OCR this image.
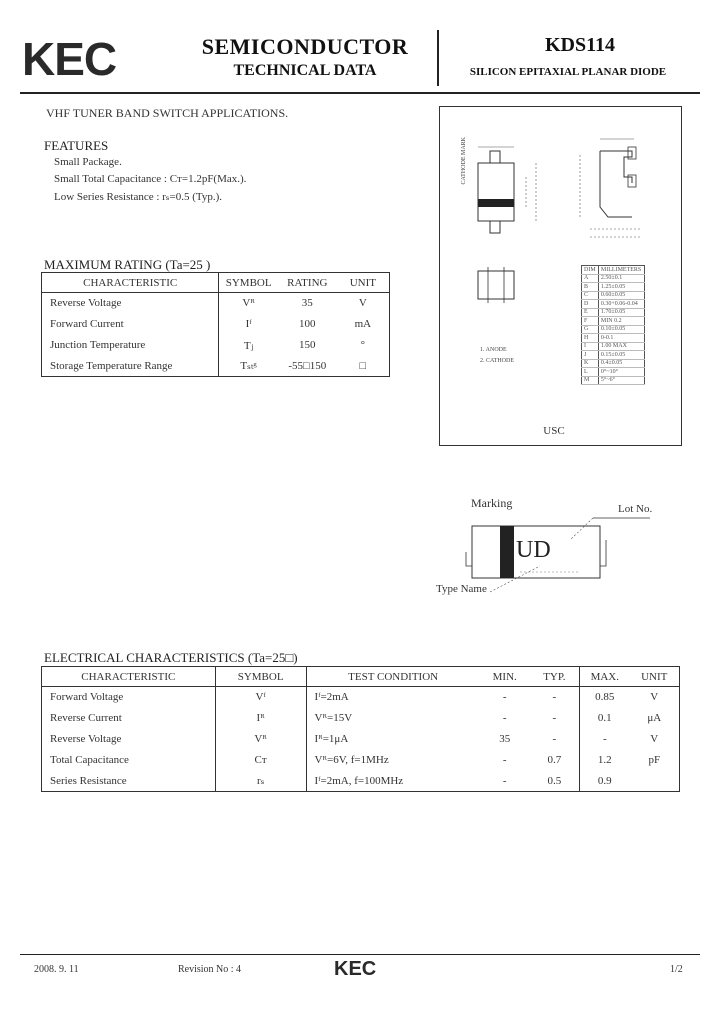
KEC	SEMICONDUCTOR
TECHNICAL DATA
KDS114
SILICON EPITAXIAL PLANAR DIODE
VHF TUNER BAND SWITCH APPLICATIONS.
FEATURES
Small Package.
Small Total Capacitance : Cᴛ=1.2pF(Max.).
Low Series Resistance : rₛ=0.5 (Typ.).
MAXIMUM RATING (Ta=25 )
CHARACTERISTIC	SYMBOL	RATING	UNIT
Reverse Voltage	Vᴿ	35	V
Forward Current	Iᶠ	100	mA
Junction Temperature	Tⱼ	150	°
Storage Temperature Range	Tₛₜᵍ	-55□150	□
CATHODE MARK
1. ANODE
2. CATHODE
DIM	MILLIMETERS
A	2.50±0.1
B	1.25±0.05
C	0.60±0.05
D	0.30+0.06-0.04
E	1.70±0.05
F	MIN 0.2
G	0.10±0.05
H	0-0.1
I	1.00 MAX
J	0.15±0.05
K	0.4±0.05
L	0°~10°
M	5°~6°
USC
Marking	Lot No.
UD
Type Name
ELECTRICAL CHARACTERISTICS (Ta=25□)
CHARACTERISTIC	SYMBOL	TEST CONDITION	MIN.	TYP.	MAX.	UNIT
Forward Voltage	Vᶠ	Iᶠ=2mA	-	-	0.85	V
Reverse Current	Iᴿ	Vᴿ=15V	-	-	0.1	μA
Reverse Voltage	Vᴿ	Iᴿ=1μA	35	-	-	V
Total Capacitance	Cᴛ	Vᴿ=6V, f=1MHz	-	0.7	1.2	pF
Series Resistance	rₛ	Iᶠ=2mA, f=100MHz	-	0.5	0.9	
2008. 9. 11	Revision No : 4	KEC	1/2
